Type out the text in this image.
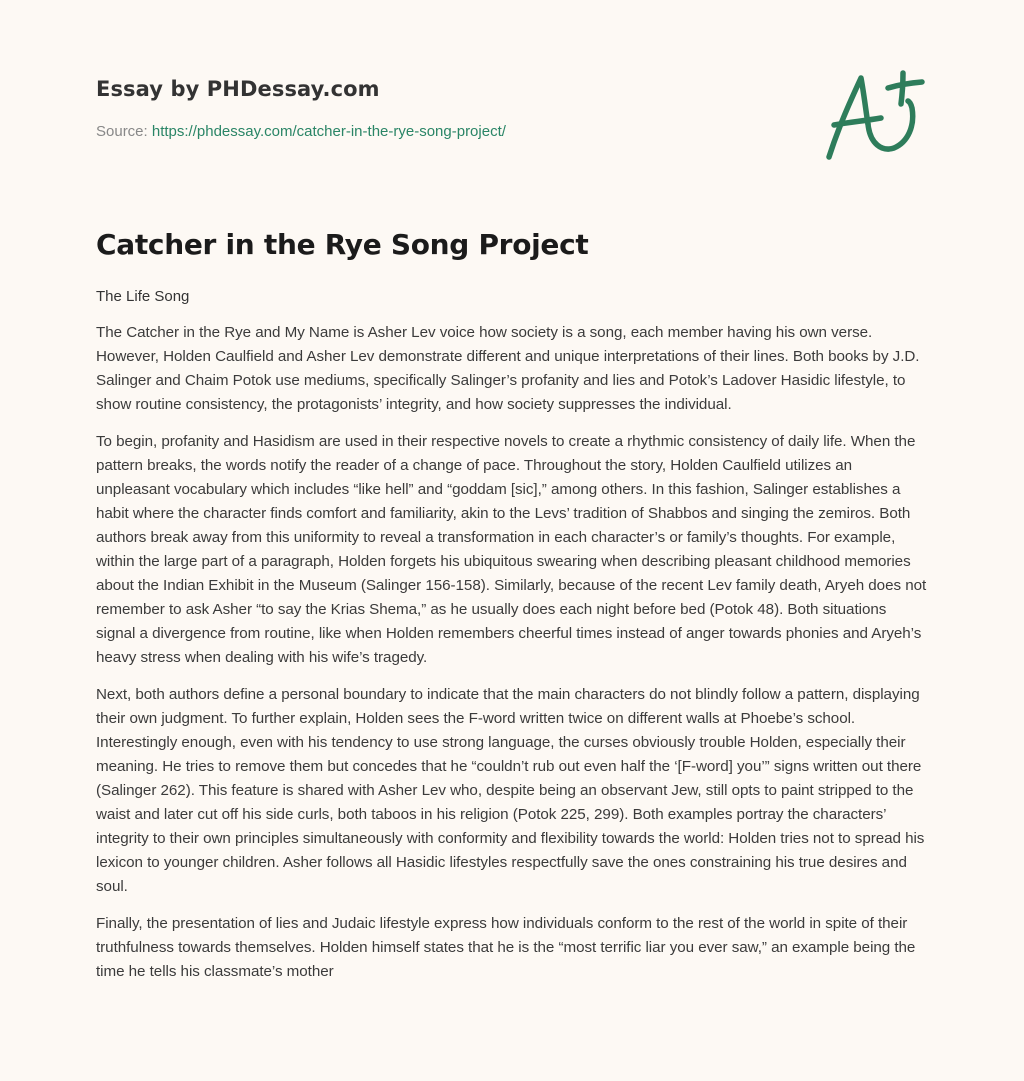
Essay by PHDessay.com
Source: https://phdessay.com/catcher-in-the-rye-song-project/
Catcher in the Rye Song Project

The Life Song

The Catcher in the Rye and My Name is Asher Lev voice how society is a song, each member having his own verse. However, Holden Caulfield and Asher Lev demonstrate different and unique interpretations of their lines. Both books by J.D. Salinger and Chaim Potok use mediums, specifically Salinger’s profanity and lies and Potok’s Ladover Hasidic lifestyle, to show routine consistency, the protagonists’ integrity, and how society suppresses the individual.

To begin, profanity and Hasidism are used in their respective novels to create a rhythmic consistency of daily life. When the pattern breaks, the words notify the reader of a change of pace. Throughout the story, Holden Caulfield utilizes an unpleasant vocabulary which includes “like hell” and “goddam [sic],” among others. In this fashion, Salinger establishes a habit where the character finds comfort and familiarity, akin to the Levs’ tradition of Shabbos and singing the zemiros. Both authors break away from this uniformity to reveal a transformation in each character’s or family’s thoughts. For example, within the large part of a paragraph, Holden forgets his ubiquitous swearing when describing pleasant childhood memories about the Indian Exhibit in the Museum (Salinger 156-158). Similarly, because of the recent Lev family death, Aryeh does not remember to ask Asher “to say the Krias Shema,” as he usually does each night before bed (Potok 48). Both situations signal a divergence from routine, like when Holden remembers cheerful times instead of anger towards phonies and Aryeh’s heavy stress when dealing with his wife’s tragedy.

Next, both authors define a personal boundary to indicate that the main characters do not blindly follow a pattern, displaying their own judgment. To further explain, Holden sees the F-word written twice on different walls at Phoebe’s school. Interestingly enough, even with his tendency to use strong language, the curses obviously trouble Holden, especially their meaning. He tries to remove them but concedes that he “couldn’t rub out even half the ‘[F-word] you’” signs written out there (Salinger 262). This feature is shared with Asher Lev who, despite being an observant Jew, still opts to paint stripped to the waist and later cut off his side curls, both taboos in his religion (Potok 225, 299). Both examples portray the characters’ integrity to their own principles simultaneously with conformity and flexibility towards the world: Holden tries not to spread his lexicon to younger children. Asher follows all Hasidic lifestyles respectfully save the ones constraining his true desires and soul.

Finally, the presentation of lies and Judaic lifestyle express how individuals conform to the rest of the world in spite of their truthfulness towards themselves. Holden himself states that he is the “most terrific liar you ever saw,” an example being the time he tells his classmate’s mother
